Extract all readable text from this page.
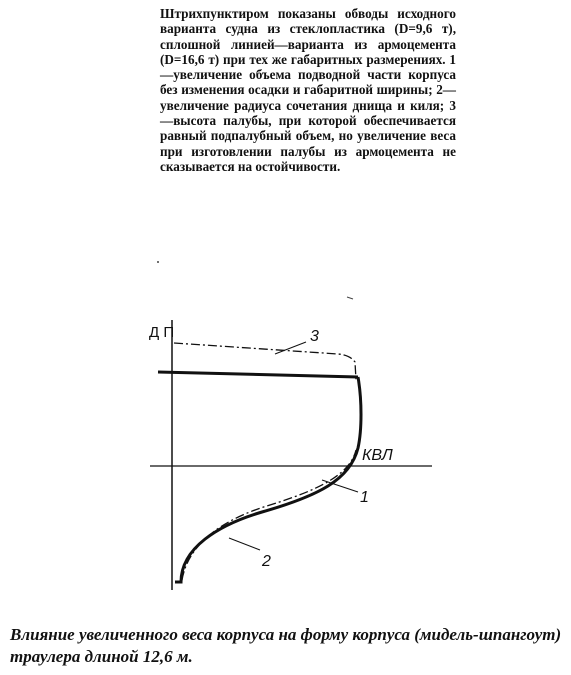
Штрихпунктиром показаны обводы исходного варианта судна из стеклопластика (D=9,6 т), сплошной линией—варианта из армоцемента (D=16,6 т) при тех же габаритных размерениях. 1—увеличение объема подводной части корпуса без изменения осадки и габаритной ширины; 2—увеличение радиуса сочетания днища и киля; 3—высота палубы, при которой обеспечивается равный подпалубный объем, но увеличение веса при изготовлении палубы из армоцемента не сказывается на остойчивости.
Д П
КВЛ
1
2
3
Влияние увеличенного веса корпуса на форму корпуса (мидель-шпангоут) траулера длиной 12,6 м.
